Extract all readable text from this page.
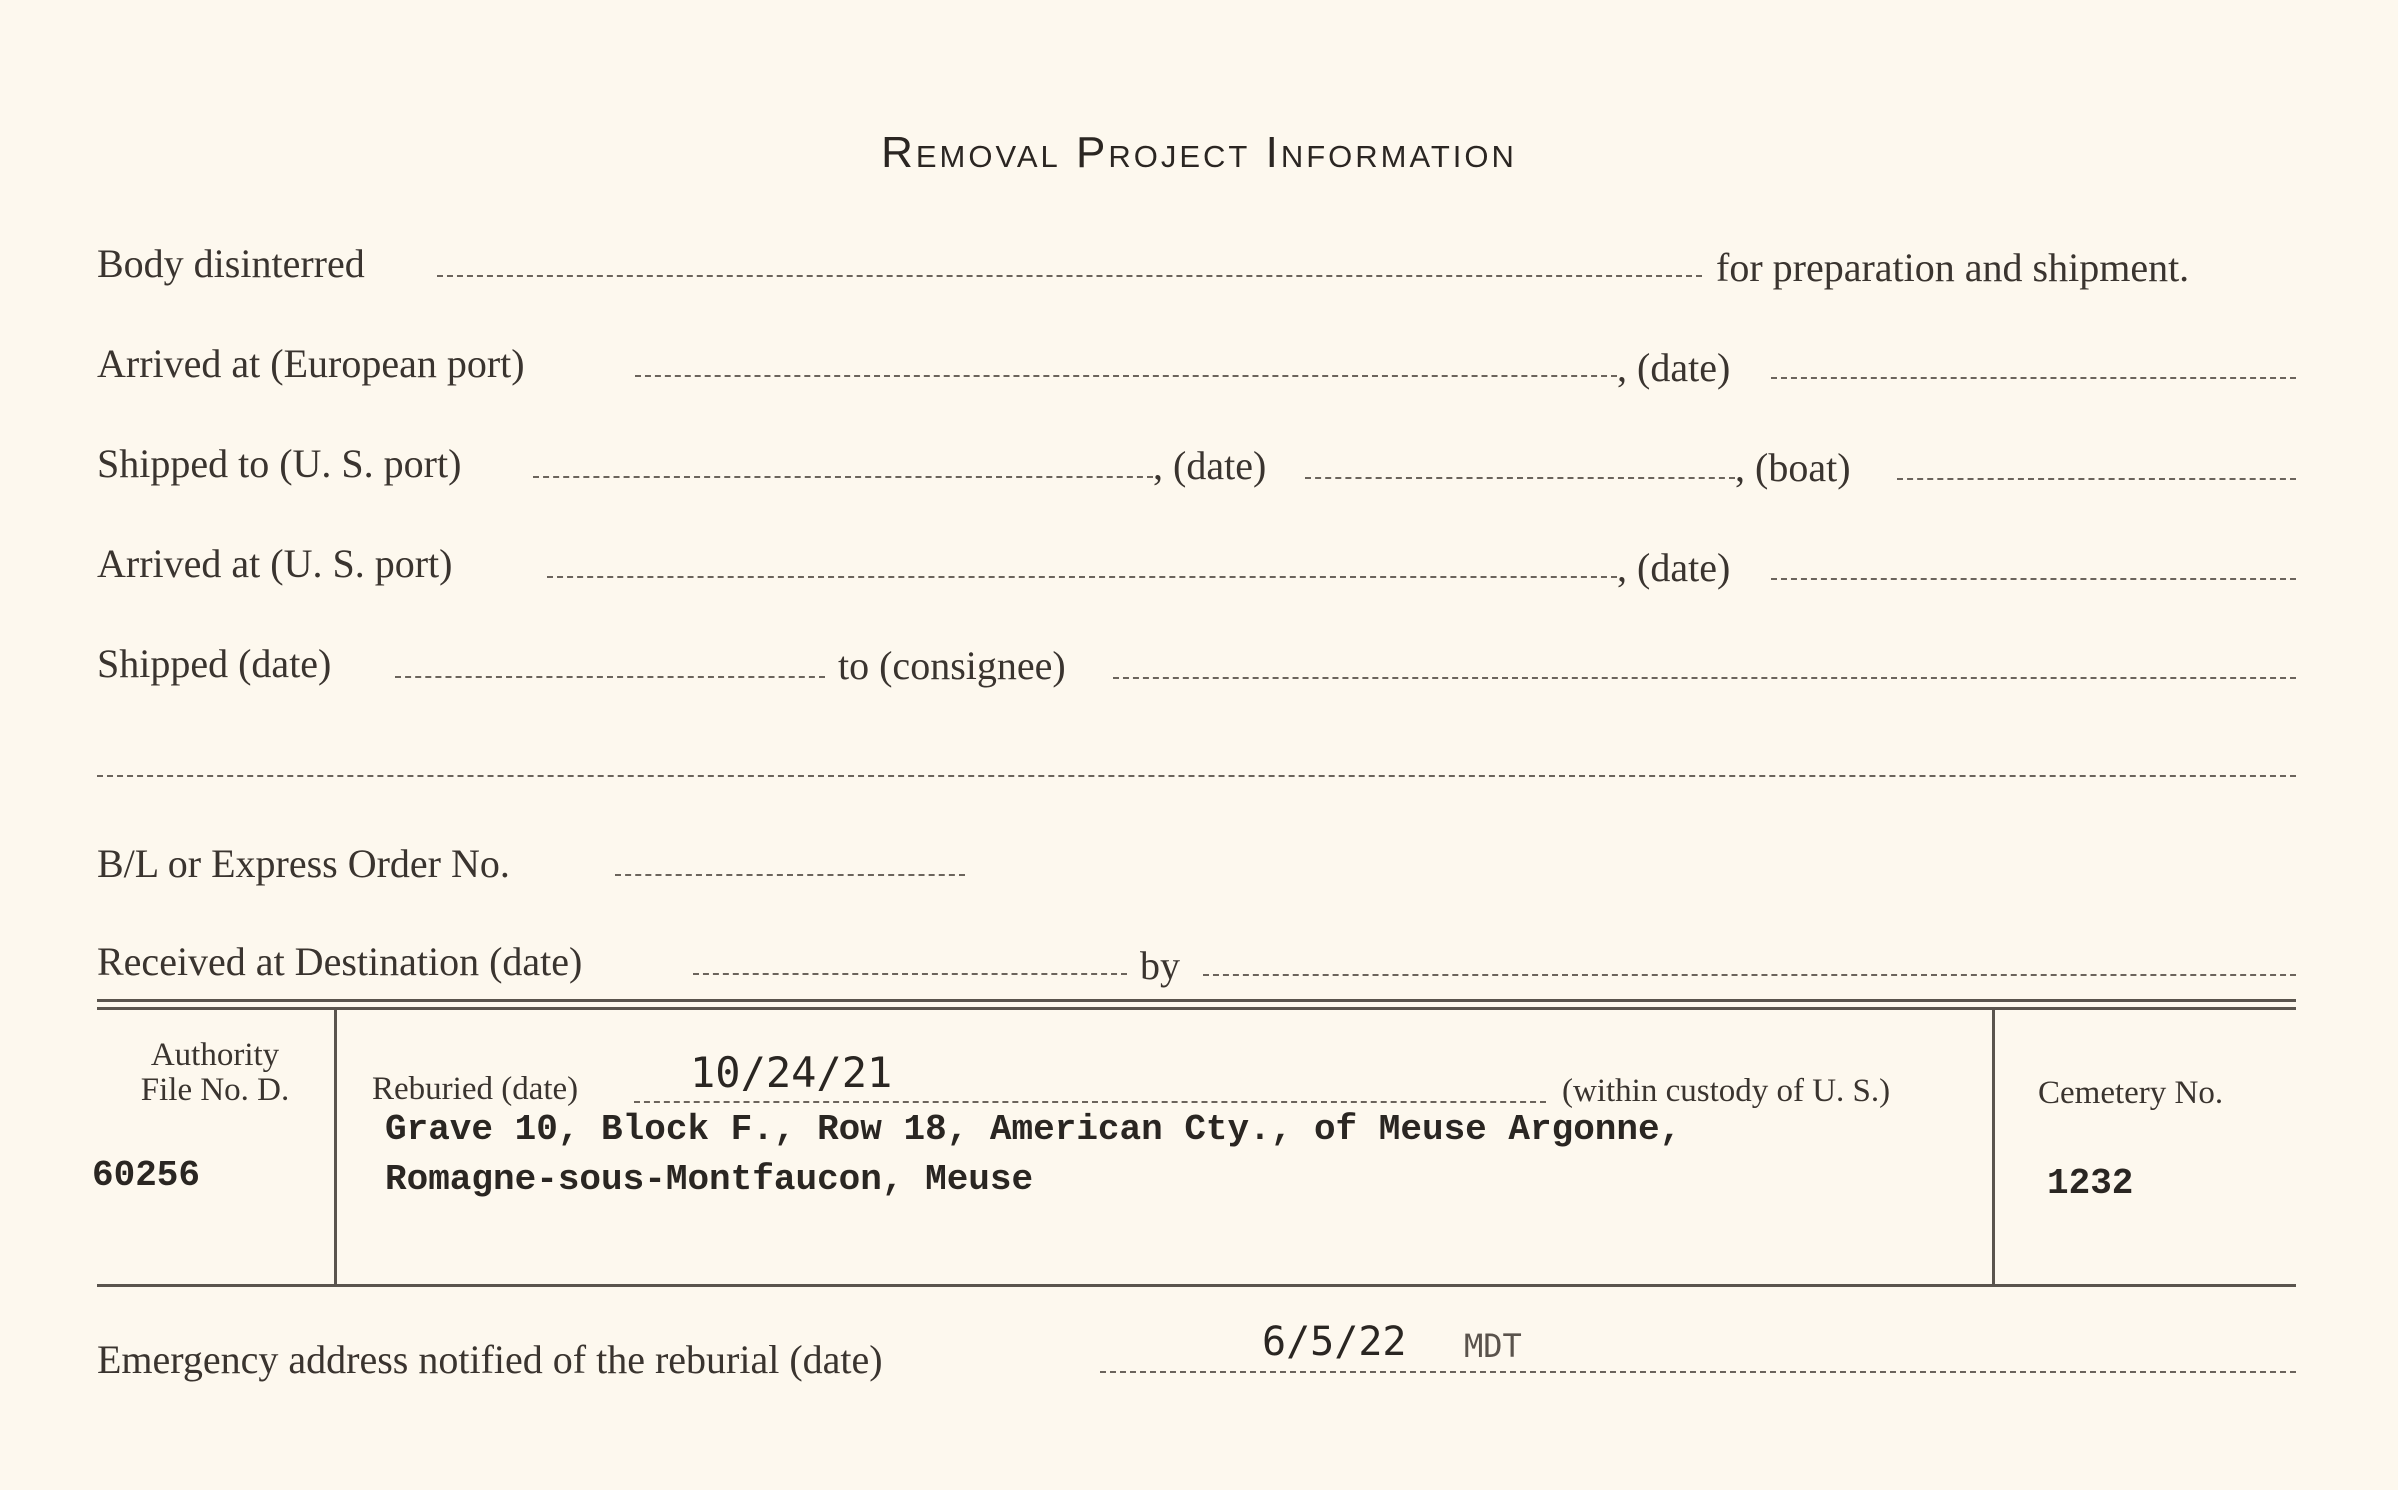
Removal Project Information
Body disinterred	for preparation and shipment.
Arrived at (European port)	, (date)
Shipped to (U. S. port)	, (date)	, (boat)
Arrived at (U. S. port)	, (date)
Shipped (date)	to (consignee)
B/L or Express Order No.
Received at Destination (date)	by
Authority
File No. D.
60256
Reburied (date)	10/24/21	(within custody of U. S.)
Grave 10, Block F., Row 18, American Cty., of Meuse Argonne,
Romagne-sous-Montfaucon, Meuse
Cemetery No.
1232
Emergency address notified of the reburial (date)	6/5/22 MDT
